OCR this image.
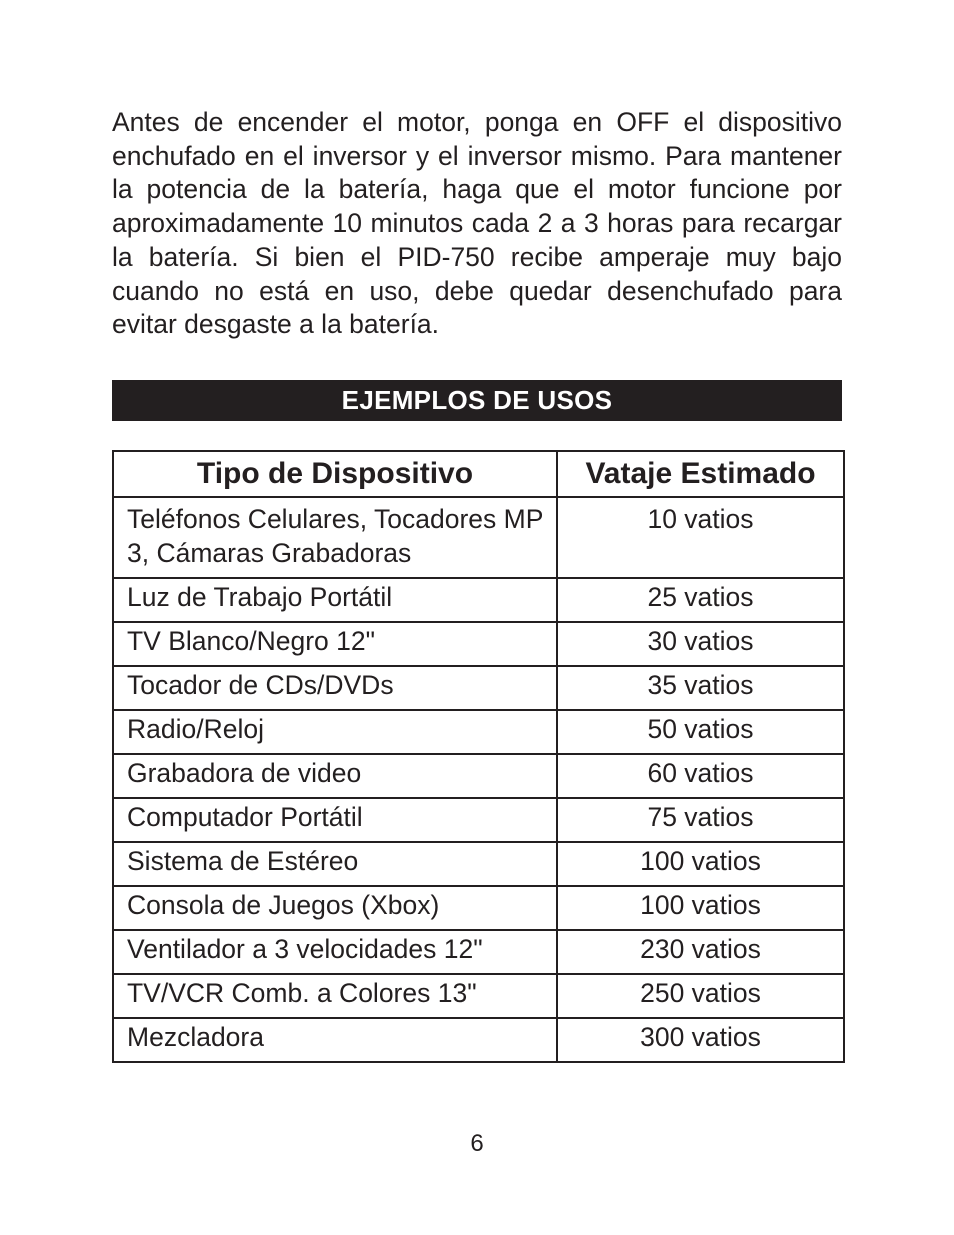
Antes de encender el motor, ponga en OFF el dispositivo enchufado en el inversor y el inversor mismo. Para mantener la potencia de la batería, haga que el motor funcione por aproximadamente 10 minutos cada 2 a 3 horas para recargar la batería. Si bien el PID-750 recibe amperaje muy bajo cuando no está en uso, debe quedar desenchufado para evitar desgaste a la batería.

EJEMPLOS DE USOS
Tipo de Dispositivo	Vataje Estimado
Teléfonos Celulares, Tocadores MP 3, Cámaras Grabadoras	10 vatios
Luz de Trabajo Portátil	25 vatios
TV Blanco/Negro 12"	30 vatios
Tocador de CDs/DVDs	35 vatios
Radio/Reloj	50 vatios
Grabadora de video	60 vatios
Computador Portátil	75 vatios
Sistema de Estéreo	100 vatios
Consola de Juegos (Xbox)	100 vatios
Ventilador a 3 velocidades 12"	230 vatios
TV/VCR Comb. a Colores 13"	250 vatios
Mezcladora	300 vatios
6
